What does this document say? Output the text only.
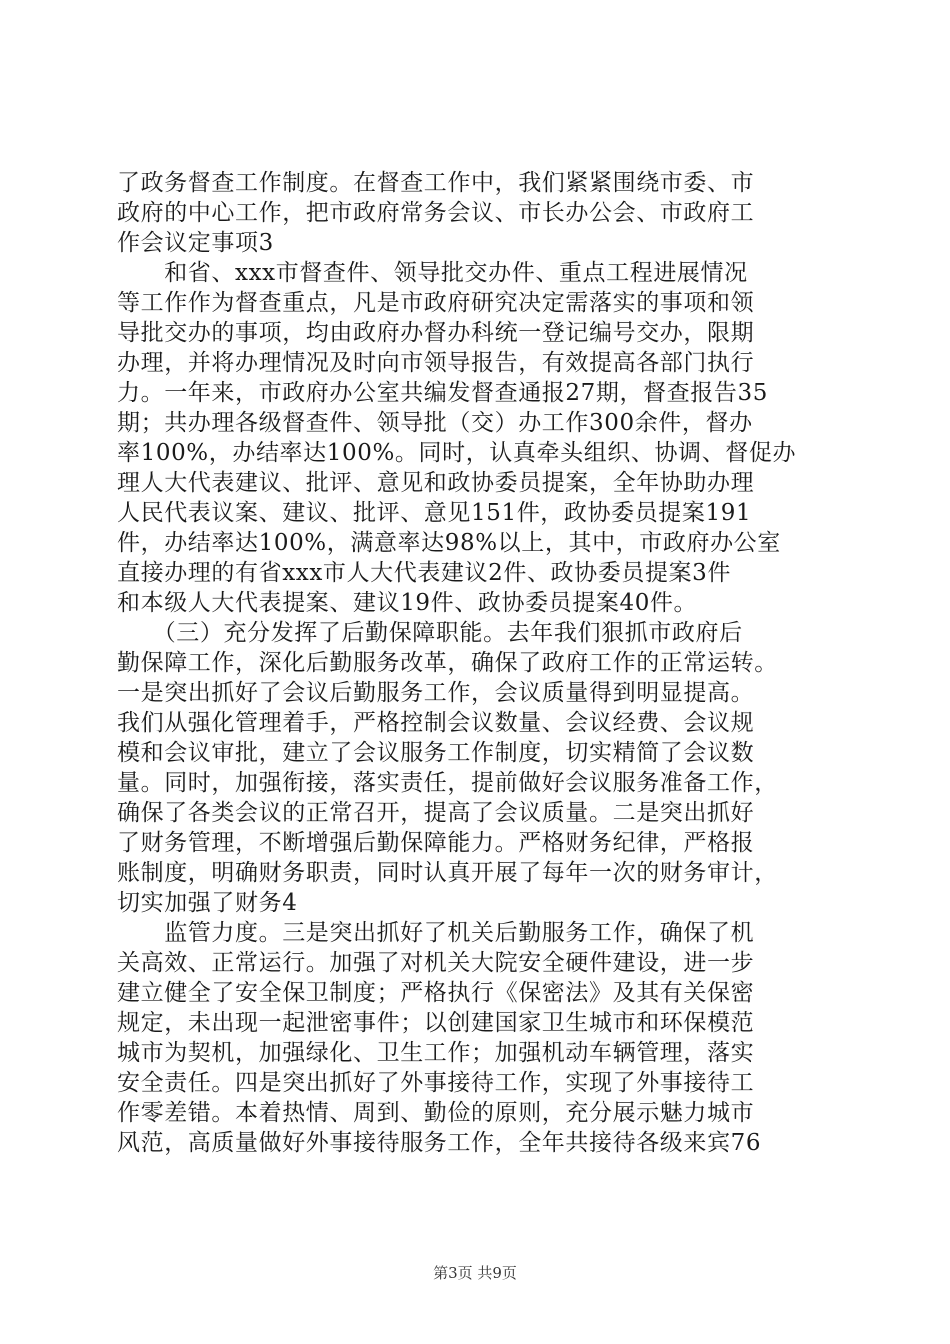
了政务督查工作制度。在督查工作中，我们紧紧围绕市委、市
政府的中心工作，把市政府常务会议、市长办公会、市政府工
作会议定事项3
　　和省、xxx市督查件、领导批交办件、重点工程进展情况
等工作作为督查重点，凡是市政府研究决定需落实的事项和领
导批交办的事项，均由政府办督办科统一登记编号交办，限期
办理，并将办理情况及时向市领导报告，有效提高各部门执行
力。一年来，市政府办公室共编发督查通报27期，督查报告35
期；共办理各级督查件、领导批（交）办工作300余件，督办
率100%，办结率达100%。同时，认真牵头组织、协调、督促办
理人大代表建议、批评、意见和政协委员提案，全年协助办理
人民代表议案、建议、批评、意见151件，政协委员提案191
件，办结率达100%，满意率达98%以上，其中，市政府办公室
直接办理的有省xxx市人大代表建议2件、政协委员提案3件
和本级人大代表提案、建议19件、政协委员提案40件。
　　（三）充分发挥了后勤保障职能。去年我们狠抓市政府后
勤保障工作，深化后勤服务改革，确保了政府工作的正常运转。
一是突出抓好了会议后勤服务工作，会议质量得到明显提高。
我们从强化管理着手，严格控制会议数量、会议经费、会议规
模和会议审批，建立了会议服务工作制度，切实精简了会议数
量。同时，加强衔接，落实责任，提前做好会议服务准备工作，
确保了各类会议的正常召开，提高了会议质量。二是突出抓好
了财务管理，不断增强后勤保障能力。严格财务纪律，严格报
账制度，明确财务职责，同时认真开展了每年一次的财务审计，
切实加强了财务4
　　监管力度。三是突出抓好了机关后勤服务工作，确保了机
关高效、正常运行。加强了对机关大院安全硬件建设，进一步
建立健全了安全保卫制度；严格执行《保密法》及其有关保密
规定，未出现一起泄密事件；以创建国家卫生城市和环保模范
城市为契机，加强绿化、卫生工作；加强机动车辆管理，落实
安全责任。四是突出抓好了外事接待工作，实现了外事接待工
作零差错。本着热情、周到、勤俭的原则，充分展示魅力城市
风范，高质量做好外事接待服务工作，全年共接待各级来宾76
第3页 共9页
